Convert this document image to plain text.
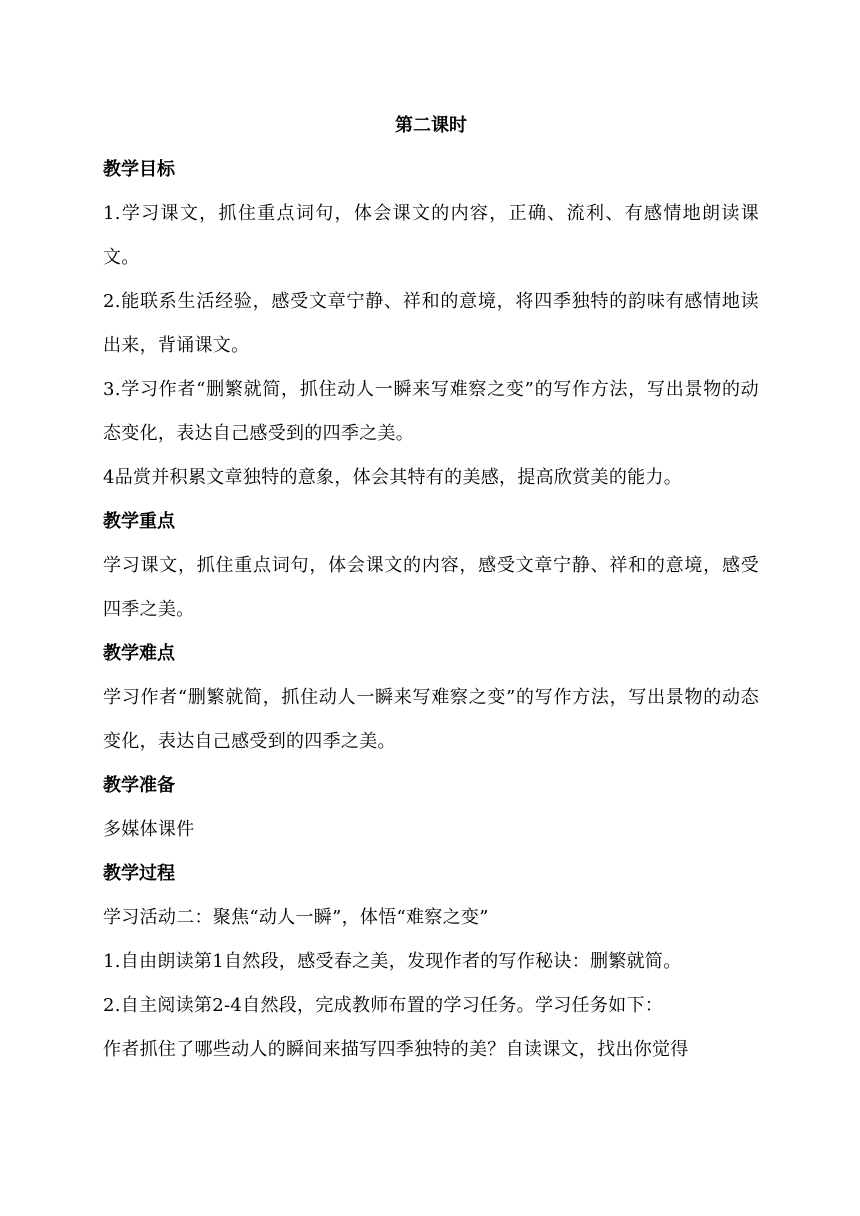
第二课时
教学目标

1.学习课文，抓住重点词句，体会课文的内容，正确、流利、有感情地朗读课文。

2.能联系生活经验，感受文章宁静、祥和的意境，将四季独特的韵味有感情地读出来，背诵课文。

3.学习作者“删繁就简，抓住动人一瞬来写难察之变”的写作方法，写出景物的动态变化，表达自己感受到的四季之美。

4品赏并积累文章独特的意象，体会其特有的美感，提高欣赏美的能力。

教学重点

学习课文，抓住重点词句，体会课文的内容，感受文章宁静、祥和的意境，感受四季之美。

教学难点

学习作者“删繁就简，抓住动人一瞬来写难察之变”的写作方法，写出景物的动态变化，表达自己感受到的四季之美。

教学准备

多媒体课件

教学过程

学习活动二：聚焦“动人一瞬”，体悟“难察之变”

1.自由朗读第1自然段，感受春之美，发现作者的写作秘诀：删繁就简。

2.自主阅读第2-4自然段，完成教师布置的学习任务。学习任务如下：

作者抓住了哪些动人的瞬间来描写四季独特的美？自读课文，找出你觉得
